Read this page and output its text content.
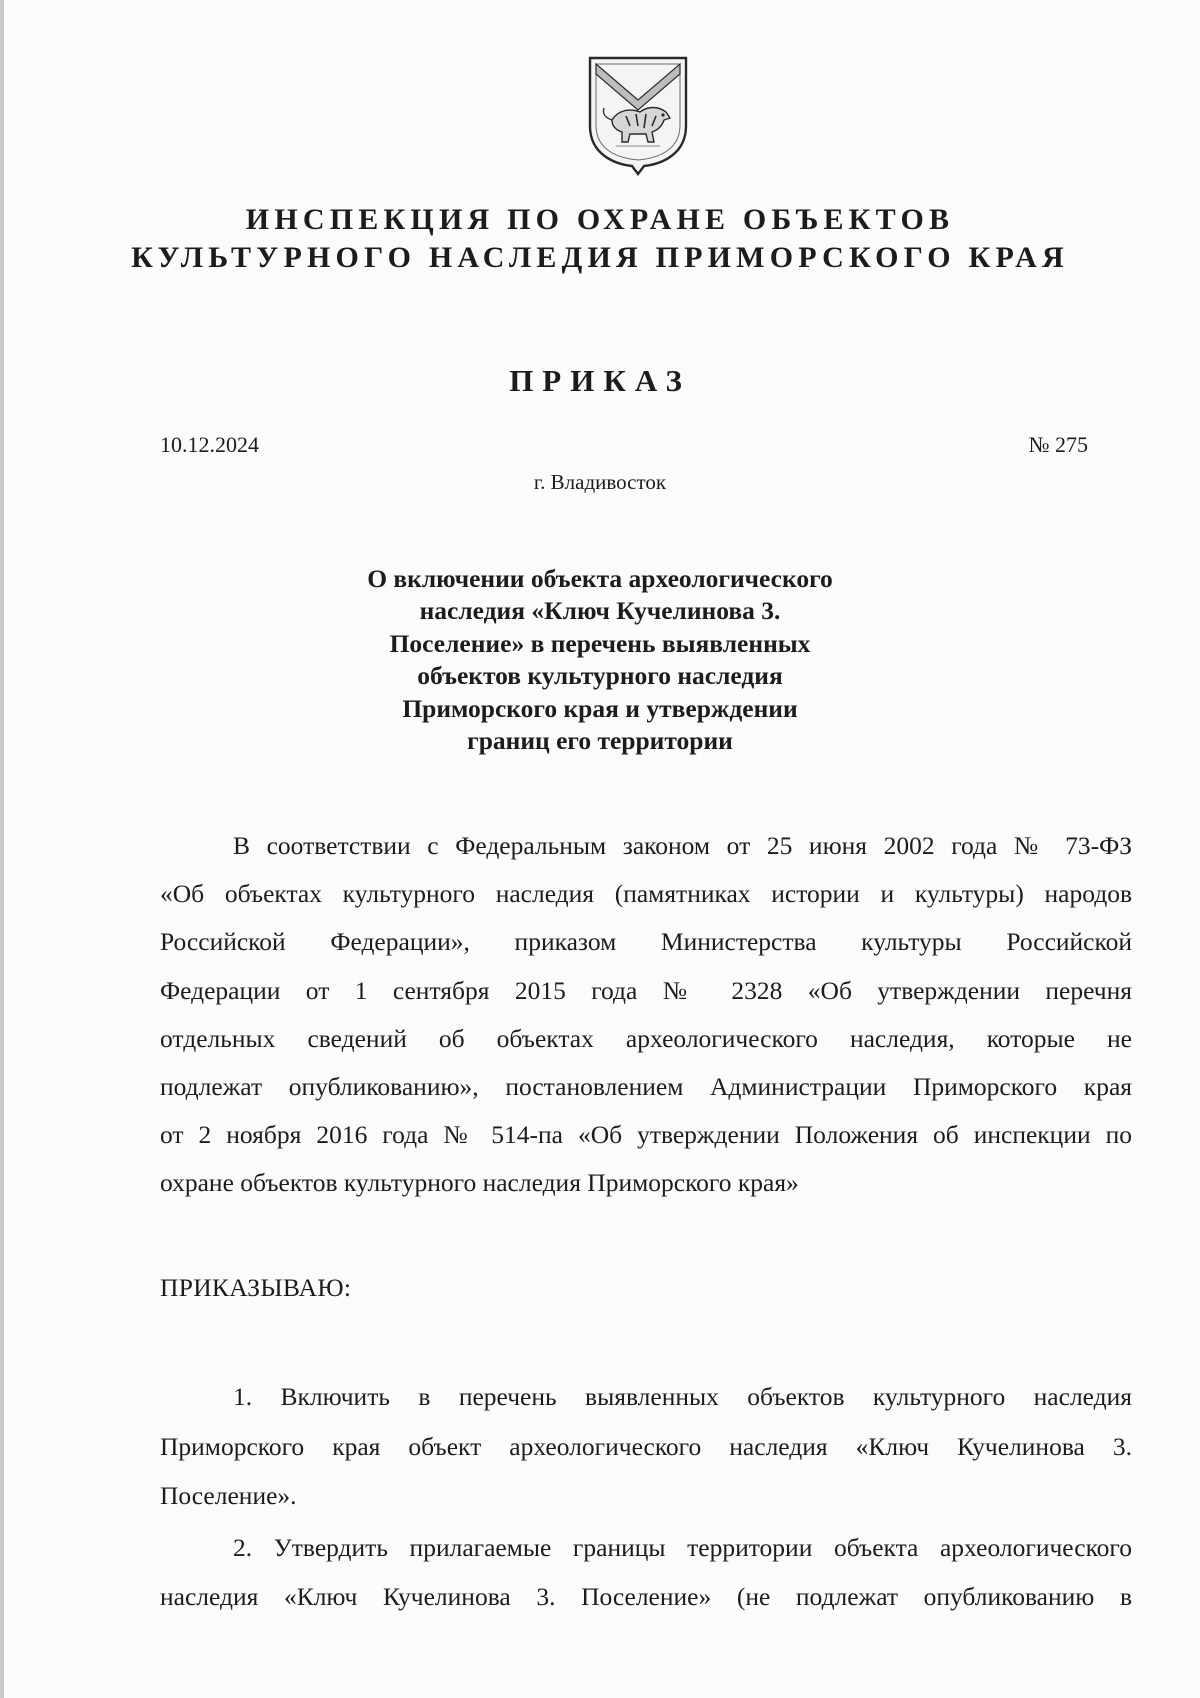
ИНСПЕКЦИЯ ПО ОХРАНЕ ОБЪЕКТОВ
КУЛЬТУРНОГО НАСЛЕДИЯ ПРИМОРСКОГО КРАЯ
ПРИКАЗ
10.12.2024	№ 275
г. Владивосток
О включении объекта археологического
наследия «Ключ Кучелинова 3.
Поселение» в перечень выявленных
объектов культурного наследия
Приморского края и утверждении
границ его территории
В соответствии с Федеральным законом от 25 июня 2002 года № 73-ФЗ
«Об объектах культурного наследия (памятниках истории и культуры) народов
Российской Федерации», приказом Министерства культуры Российской
Федерации от 1 сентября 2015 года № 2328 «Об утверждении перечня
отдельных сведений об объектах археологического наследия, которые не
подлежат опубликованию», постановлением Администрации Приморского края
от 2 ноября 2016 года № 514-па «Об утверждении Положения об инспекции по
охране объектов культурного наследия Приморского края»
ПРИКАЗЫВАЮ:
1. Включить в перечень выявленных объектов культурного наследия
Приморского края объект археологического наследия «Ключ Кучелинова 3.
Поселение».
2. Утвердить прилагаемые границы территории объекта археологического
наследия «Ключ Кучелинова 3. Поселение» (не подлежат опубликованию в
